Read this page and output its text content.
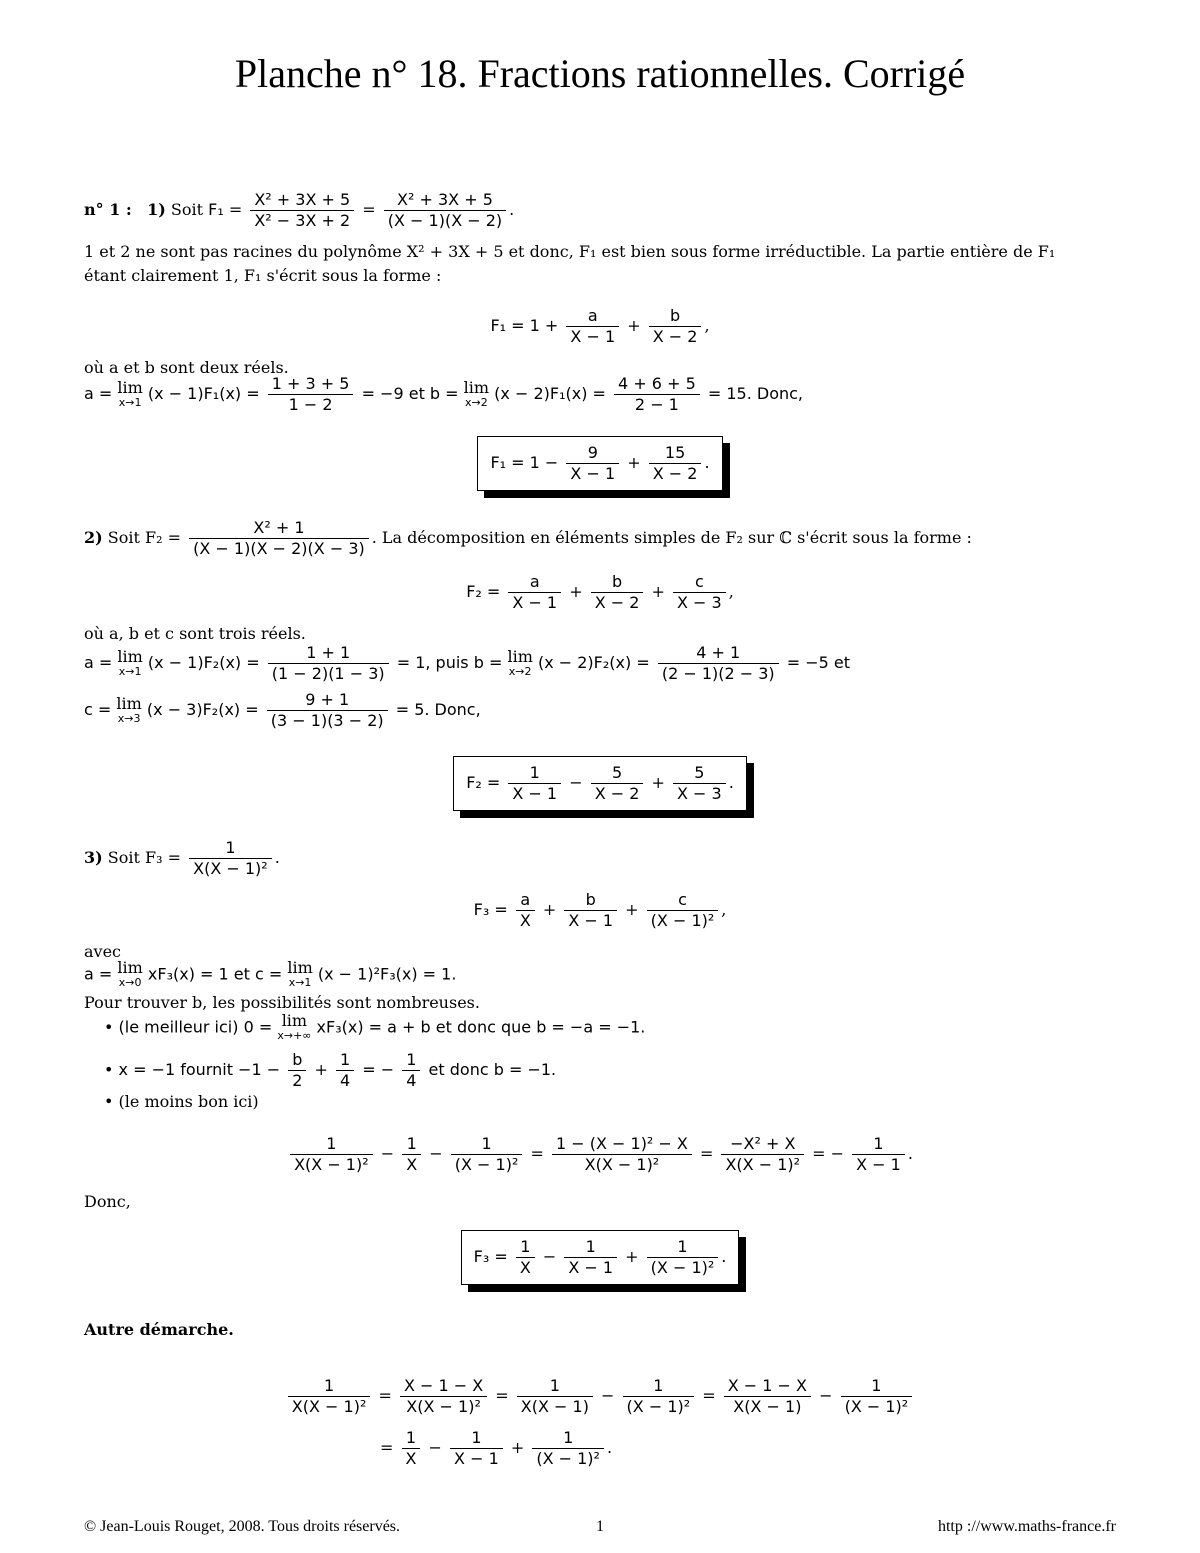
Planche n° 18. Fractions rationnelles. Corrigé
n° 1 : 1) Soit $F_1 = \frac{\text{X² + 3X + 5}}{\text{X² − 3X + 2}} = \frac{\text{X² + 3X + 5}}{(X - 1)(X - 2)}$ .
1 et 2 ne sont pas racines du polynôme X² + 3X + 5 et donc, F₁ est bien sous forme irréductible. La partie entière de F₁
étant clairement 1, F₁ s'écrit sous la forme :
$F_1 = 1 + \frac{a}{X - 1} + \frac{b}{X - 2}$ ,
où a et b sont deux réels.
a = lim
x→1 $(x - 1)F_1(x) = \frac{1 + 3 + 5}{1 - 2} = -9$ et b = lim
x→2 $(x - 2)F_1(x) = \frac{4 + 6 + 5}{2 - 1} = 15$. Donc,
$F_1 = 1 - \frac{9}{X - 1} + \frac{15}{X - 2}$ .
2) Soit $F_2 = \frac{\text{X² + 1}}{(X - 1)(X - 2)(X - 3)}$ . La décomposition en éléments simples de F₂ sur ℂ s'écrit sous la forme :
$F_2 = \frac{a}{X - 1} + \frac{b}{X - 2} + \frac{c}{X - 3}$ ,
où a, b et c sont trois réels.
a = lim
x→1 $(x - 1)F_2(x) = \frac{1 + 1}{(1 - 2)(1 - 3)} = 1$, puis b = lim
x→2 $(x - 2)F_2(x) = \frac{4 + 1}{(2 - 1)(2 - 3)} = -5$ et
c = lim
x→3 $(x - 3)F_2(x) = \frac{9 + 1}{(3 - 1)(3 - 2)} = 5$. Donc,
$F_2 = \frac{1}{X - 1} - \frac{5}{X - 2} + \frac{5}{X - 3}$ .
3) Soit $F_3 = \frac{1}{\text{X(X − 1)²}}$ .
$F_3 = \frac{a}{X} + \frac{b}{X - 1} + \frac{c}{\text{(X − 1)²}}$ ,
avec
a = lim
x→0 xF₃(x) = 1 et c = lim
x→1 (x − 1)²F₃(x) = 1.
Pour trouver b, les possibilités sont nombreuses.
• (le meilleur ici) 0 = lim
x→+∞ xF₃(x) = a + b et donc que b = −a = −1.
• x = −1 fournit $-1 - \frac{b}{2} + \frac{1}{4}$ = − $\frac{1}{4}$ et donc b = −1.
• (le moins bon ici)
$\frac{1}{\text{X(X − 1)²}} - \frac{1}{X} - \frac{1}{\text{(X − 1)²}} = \frac{\text{1 − (X − 1)² − X}}{\text{X(X − 1)²}} = \frac{\text{−X² + X}}{\text{X(X − 1)²}}$ = − $\frac{1}{X - 1}$ .
Donc,
$F_3 = \frac{1}{X} - \frac{1}{X - 1} + \frac{1}{\text{(X − 1)²}}$ .
Autre démarche.
$\frac{1}{\text{X(X − 1)²}} = \frac{X - 1 - X}{\text{X(X − 1)²}} = \frac{1}{X(X - 1)} - \frac{1}{\text{(X − 1)²}} = \frac{X - 1 - X}{X(X - 1)} - \frac{1}{\text{(X − 1)²}}$
= $\frac{1}{X} - \frac{1}{X - 1} + \frac{1}{\text{(X − 1)²}}$ .
© Jean-Louis Rouget, 2008. Tous droits réservés.	1	http ://www.maths-france.fr
